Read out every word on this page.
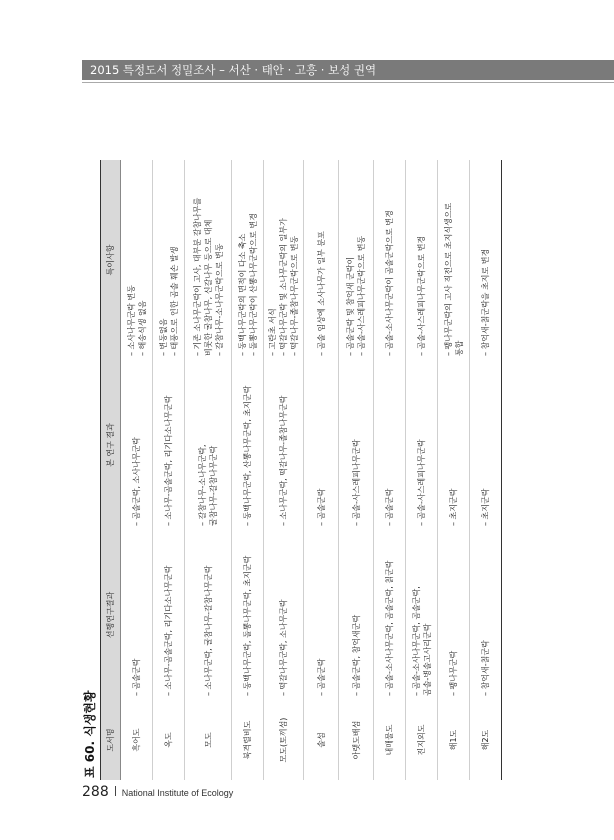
2015 특정도서 정밀조사 – 서산 · 태안 · 고흥 · 보성 권역
표 60. 식생현황	도서명	선행연구결과	본 연구 결과	특이사항
흑어도	– 곰솔군락	– 곰솔군락, 소사나무군락	– 소사나무군락 변동 – 해송식생 없음

옥도	– 소나무-곰솔군락, 리기다소나무군락	– 소나무-곰솔군락, 리기다소나무군락	– 변동없음 – 태풍으로 인한 곰솔 훼손 발생

모도	– 소나무군락, 굴참나무-갈참나무군락	– 갈참나무-소나무군락, 굴참나무-갈참나무군락	– 기존 소나무군락이 고사, 대부분 갈참나무를 비롯한 굴참나무, 신갈나무 등으로 대체 – 갈참나무-소나무군락으로 변동

북격렬비도	– 동백나무군락, 돌뽕나무군락, 초지군락	– 동백나무군락, 산뽕나무군락, 초지군락	– 동백나무군락의 면적이 다소 축소 – 돌뽕나무군락이 산뽕나무군락으로 변경

모도(토끼섬)	– 떡갈나무군락, 소나무군락	– 소나무군락, 떡갈나무-졸참나무군락	– 고란초 서식 – 떡갈나무군락 및 소나무군락의 일부가 – 떡갈나무-졸참나무군락으로 변동

솔섬	– 곰솔군락	– 곰솔군락	– 곰솔 임상에 소사나무가 일부 분포

아랫도배섬	– 곰솔군락, 참억새군락	– 곰솔-사스레피나무군락	– 곰솔군락 및 참억새 군락이 – 곰솔-사스레피나무군락으로 변동

내매물도	– 곰솔-소사나무군락, 곰솔군락, 칡군락	– 곰솔군락	– 곰솔-소사나무군락이 곰솔군락으로 변경

진지외도	– 곰솔-소사나무군락, 곰솔군락, 곰솔-병솔고사리군락	– 곰솔-사스레피나무군락	– 곰솔-사스레피나무군락으로 변경

해1도	– 팽나무군락	– 초지군락	– 팽나무군락의 고사 직전으로 초지식생으로 통합

해2도	– 참억새-칡군락	– 초지군락	– 참억새-칡군락을 초지로 변경
288 National Institute of Ecology
